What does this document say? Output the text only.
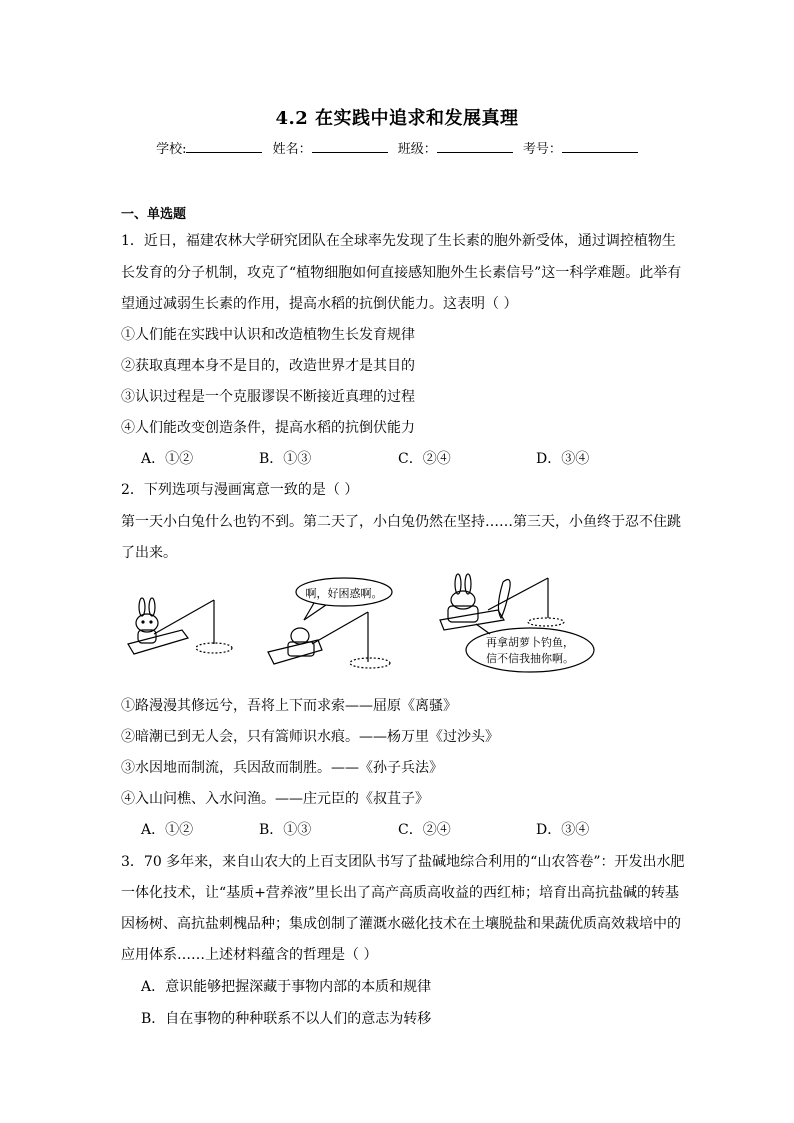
4.2 在实践中追求和发展真理
学校:	姓名：	班级：	考号：
一、单选题
1．近日，福建农林大学研究团队在全球率先发现了生长素的胞外新受体，通过调控植物生
长发育的分子机制，攻克了“植物细胞如何直接感知胞外生长素信号”这一科学难题。此举有
望通过减弱生长素的作用，提高水稻的抗倒伏能力。这表明（ ）
①人们能在实践中认识和改造植物生长发育规律
②获取真理本身不是目的，改造世界才是其目的
③认识过程是一个克服谬误不断接近真理的过程
④人们能改变创造条件，提高水稻的抗倒伏能力
A．①②	B．①③	C．②④	D．③④
2．下列选项与漫画寓意一致的是（ ）
第一天小白兔什么也钓不到。第二天了，小白兔仍然在坚持……第三天，小鱼终于忍不住跳
了出来。
啊，好困惑啊。
再拿胡萝卜钓鱼，
信不信我抽你啊。
①路漫漫其修远兮，吾将上下而求索——屈原《离骚》
②暗潮已到无人会，只有篙师识水痕。——杨万里《过沙头》
③水因地而制流，兵因敌而制胜。——《孙子兵法》
④入山问樵、入水问渔。——庄元臣的《叔苴子》
A．①②	B．①③	C．②④	D．③④
3．70 多年来，来自山农大的上百支团队书写了盐碱地综合利用的“山农答卷”：开发出水肥
一体化技术，让“基质+营养液”里长出了高产高质高收益的西红柿；培育出高抗盐碱的转基
因杨树、高抗盐刺槐品种；集成创制了灌溉水磁化技术在土壤脱盐和果蔬优质高效栽培中的
应用体系……上述材料蕴含的哲理是（ ）
A．意识能够把握深藏于事物内部的本质和规律
B．自在事物的种种联系不以人们的意志为转移
